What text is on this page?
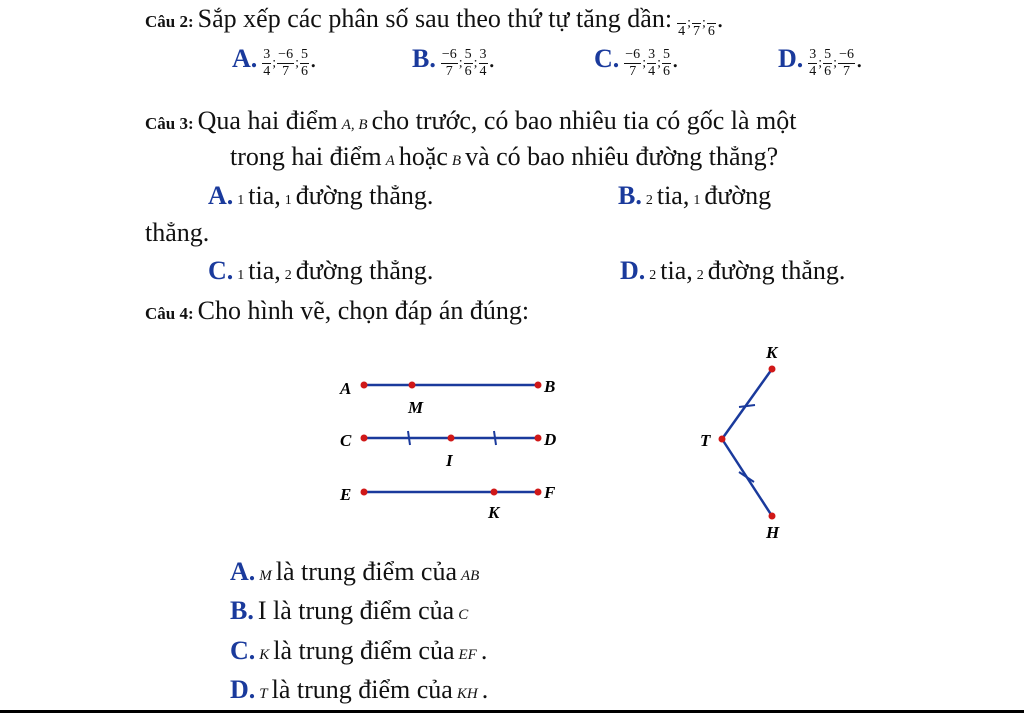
Câu 2: Sắp xếp các phân số sau theo thứ tự tăng dần:
4
;

7
;

6 .
A. $\frac{3}{4}$ ; $\frac{-6}{7}$ ; $\frac{5}{6}$ .	B. $\frac{-6}{7}$ ; $\frac{5}{6}$ ; $\frac{3}{4}$ .	C. $\frac{-6}{7}$ ; $\frac{3}{4}$ ; $\frac{5}{6}$ .	D. $\frac{3}{4}$ ; $\frac{5}{6}$ ; $\frac{-6}{7}$ .
Câu 3: Qua hai điểm A, B cho trước, có bao nhiêu tia có gốc là một
trong hai điểm A hoặc B và có bao nhiêu đường thẳng?
A. 1 tia, 1 đường thẳng.	B. 2 tia, 1 đường
thẳng.
C. 1 tia, 2 đường thẳng.	D. 2 tia, 2 đường thẳng.
Câu 4: Cho hình vẽ, chọn đáp án đúng:
A	B
M
C	D
I
E	F
K
K
T
H
A. M là trung điểm của AB
B. I là trung điểm của C
C. K là trung điểm của EF .
D. T là trung điểm của KH .
